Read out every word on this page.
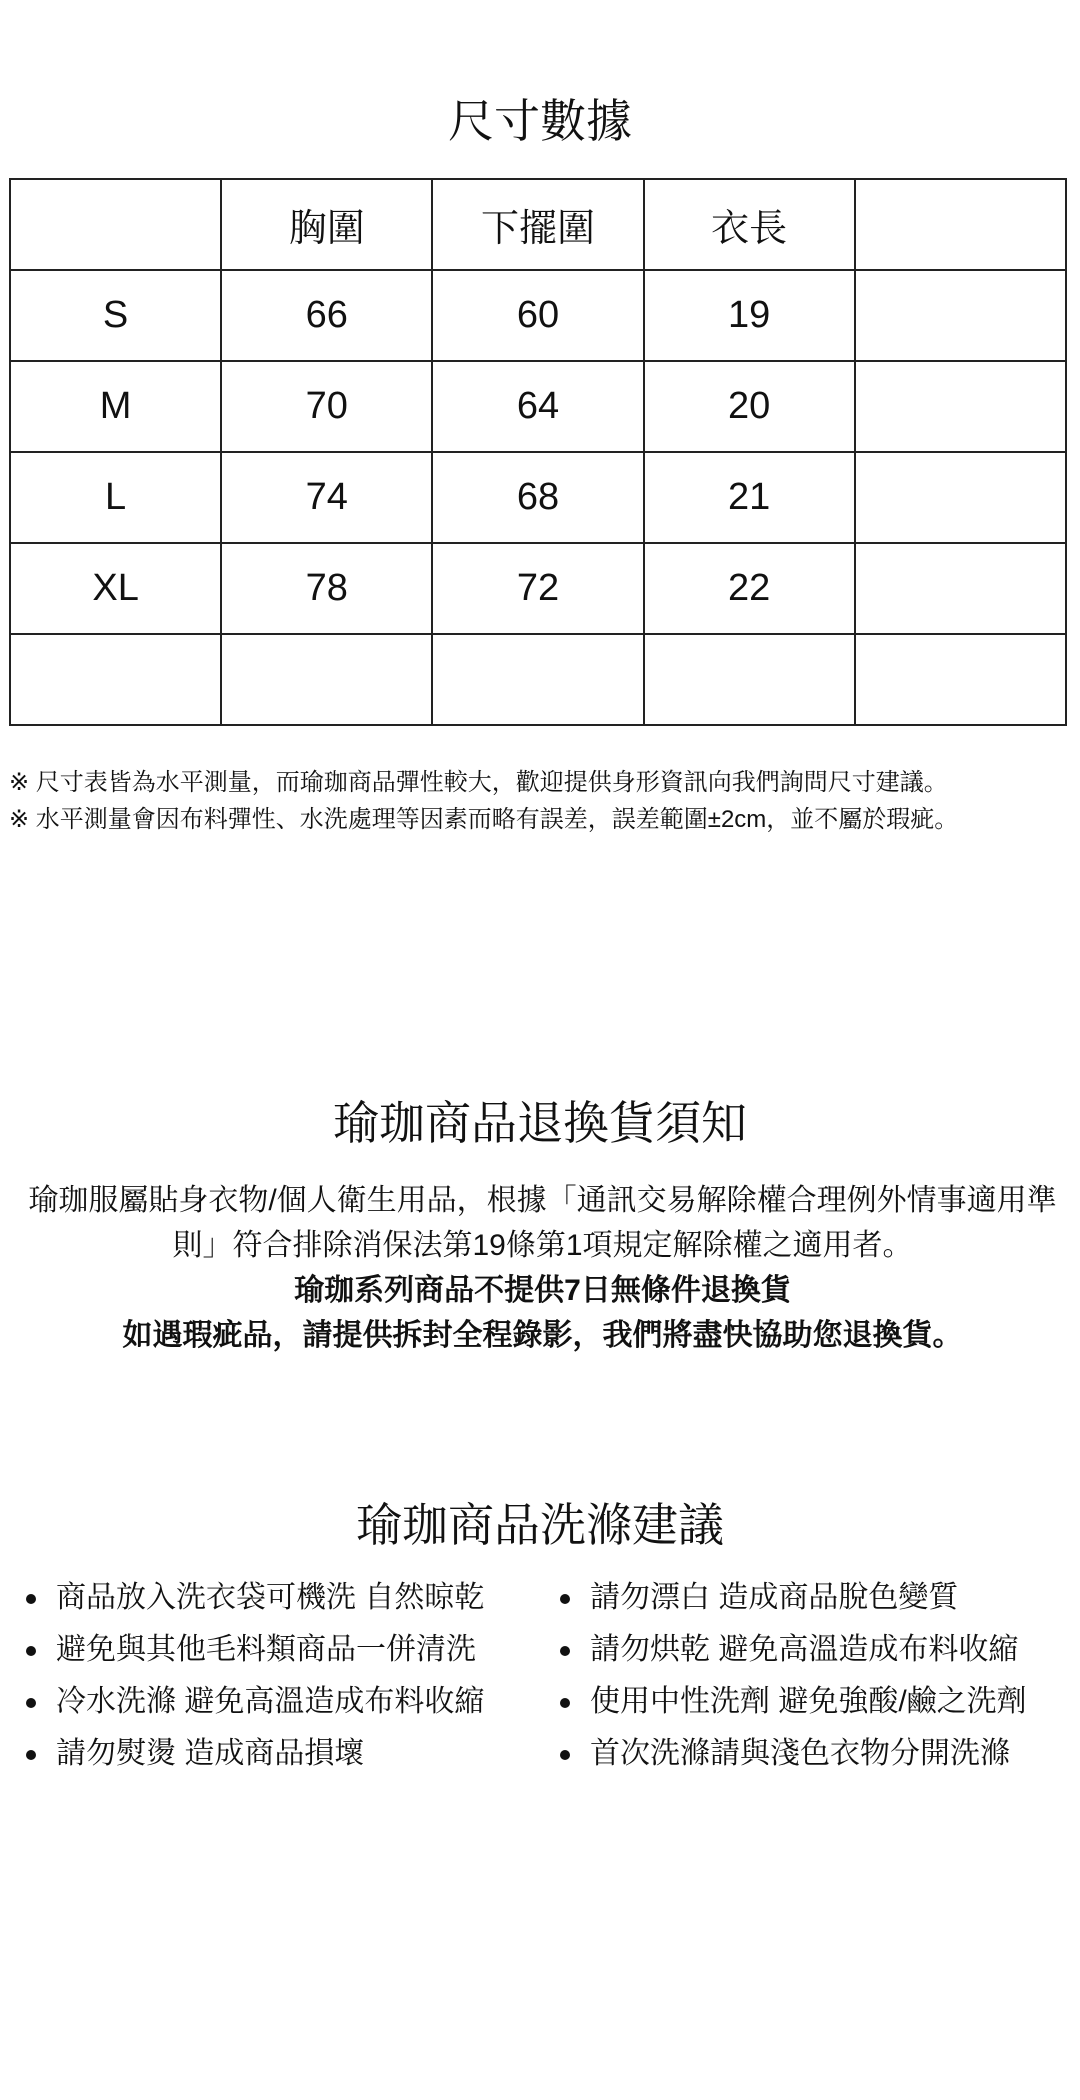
尺寸數據
	胸圍	下擺圍	衣長	
S	66	60	19	
M	70	64	20	
L	74	68	21	
XL	78	72	22	

※ 尺寸表皆為水平測量，而瑜珈商品彈性較大，歡迎提供身形資訊向我們詢問尺寸建議。
※ 水平測量會因布料彈性、水洗處理等因素而略有誤差，誤差範圍±2cm，並不屬於瑕疵。
瑜珈商品退換貨須知
瑜珈服屬貼身衣物/個人衛生用品，根據「通訊交易解除權合理例外情事適用準則」符合排除消保法第19條第1項規定解除權之適用者。
瑜珈系列商品不提供7日無條件退換貨
如遇瑕疵品，請提供拆封全程錄影，我們將盡快協助您退換貨。
瑜珈商品洗滌建議
商品放入洗衣袋可機洗 自然晾乾
避免與其他毛料類商品一併清洗
冷水洗滌 避免高溫造成布料收縮
請勿熨燙 造成商品損壞
請勿漂白 造成商品脫色變質
請勿烘乾 避免高溫造成布料收縮
使用中性洗劑 避免強酸/鹼之洗劑
首次洗滌請與淺色衣物分開洗滌
